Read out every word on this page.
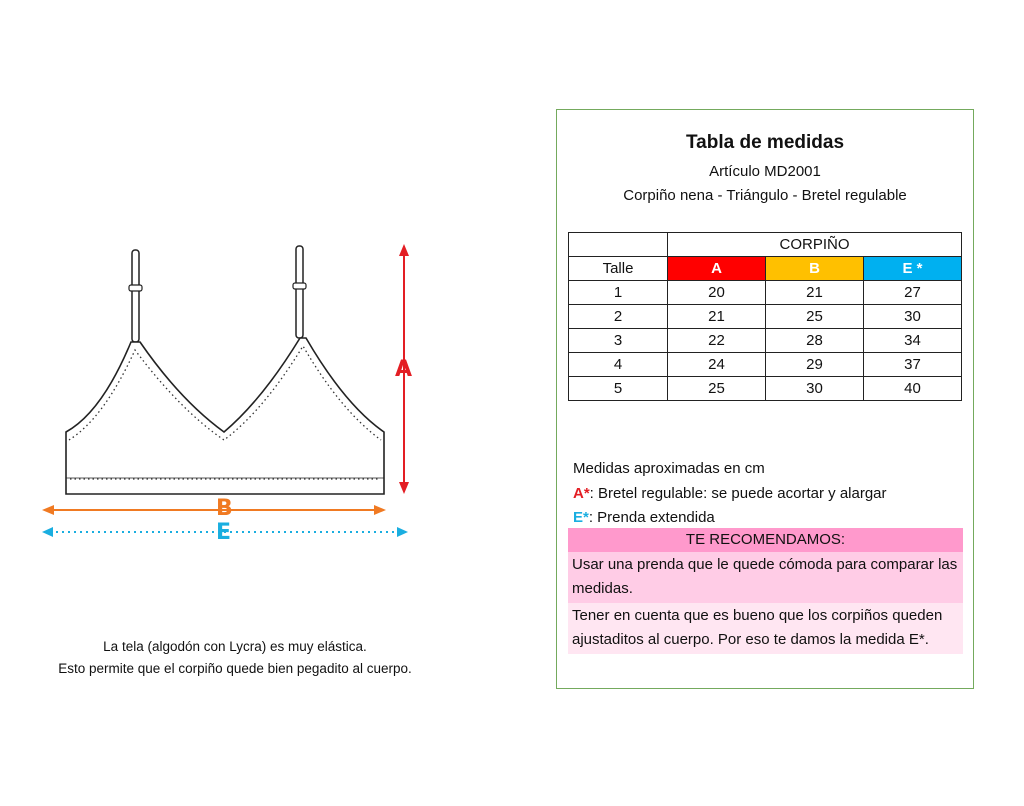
A
B
E
La tela (algodón con Lycra) es muy elástica.
Esto permite que el corpiño quede bien pegadito al cuerpo.
Tabla de medidas
Artículo MD2001
Corpiño nena - Triángulo - Bretel regulable
	CORPIÑO		
Talle	A	B	E *
1	20	21	27
2	21	25	30
3	22	28	34
4	24	29	37
5	25	30	40
Medidas aproximadas en cm
A*: Bretel regulable: se puede acortar y alargar
E*: Prenda extendida
TE RECOMENDAMOS:
Usar una prenda que le quede cómoda para comparar las medidas.
Tener en cuenta que es bueno que los corpiños queden ajustaditos al cuerpo. Por eso te damos la medida E*.
